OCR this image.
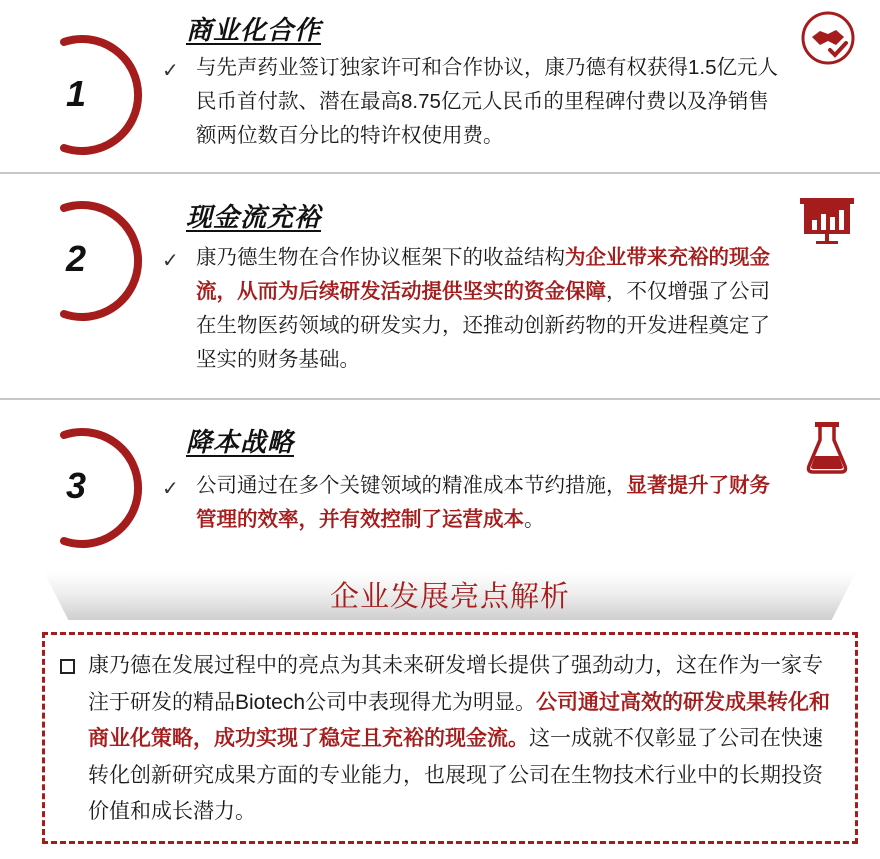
1
商业化合作
✓ 与先声药业签订独家许可和合作协议，康乃德有权获得1.5亿元人民币首付款、潜在最高8.75亿元人民币的里程碑付费以及净销售额两位数百分比的特许权使用费。
2
现金流充裕
✓ 康乃德生物在合作协议框架下的收益结构为企业带来充裕的现金流，从而为后续研发活动提供坚实的资金保障，不仅增强了公司在生物医药领域的研发实力，还推动创新药物的开发进程奠定了坚实的财务基础。
3
降本战略
✓ 公司通过在多个关键领域的精准成本节约措施，显著提升了财务管理的效率，并有效控制了运营成本。
企业发展亮点解析
康乃德在发展过程中的亮点为其未来研发增长提供了强劲动力，这在作为一家专注于研发的精品Biotech公司中表现得尤为明显。公司通过高效的研发成果转化和商业化策略，成功实现了稳定且充裕的现金流。这一成就不仅彰显了公司在快速转化创新研究成果方面的专业能力，也展现了公司在生物技术行业中的长期投资价值和成长潜力。
